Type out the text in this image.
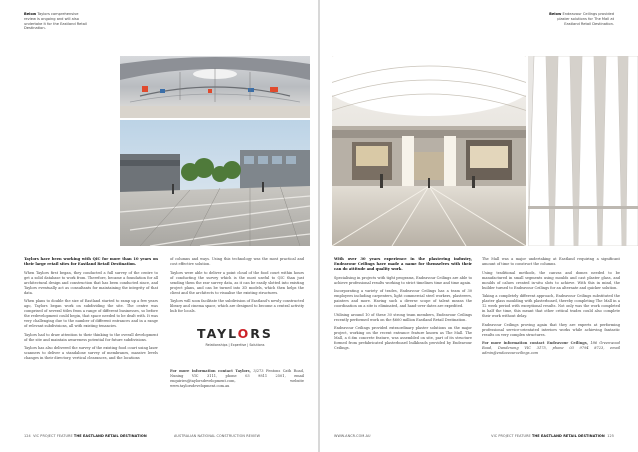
Below Taylors comprehensive review is ongoing and will also undertake it for the Eastland Retail Destination.

Taylors have been working with QIC for more than 10 years on their large retail sites for Eastland Retail Destination.

When Taylors first began, they conducted a full survey of the centre to get a solid database to work from. Therefore, became a foundation for all architectural design and construction that has been conducted since, and Taylors eventually act as consultants for maintaining the integrity of that data.

When plans to double the size of Eastland started to ramp up a few years ago, Taylors began work on subdividing the site. The centre was comprised of several titles from a range of different businesses, so before the redevelopment could begin, that space needed to be dealt with. It was very challenging due to the number of different entrances and in a range of relevant subdivisions, all with existing tenancies.

Taylors had to draw attention to their thinking to the overall development of the site and maintain awareness potential for future subdivisions.

Taylors has also delivered the survey of the existing food court using laser scanners to deliver a standalone survey of membranes, massive levels changes in their directory, vertical clearances, and the locations

of columns and ways. Using this technology was the most practical and cost effective solution.

Taylors were able to deliver a point cloud of the food court within hours of conducting the survey which is the most useful to QIC than just sending them the raw survey data, as it can be easily slotted into existing project plans, and can be turned into 3D models, which then helps the client and the architects to visualise the existing structures.

Taylors will soon facilitate the subdivision of Eastland's newly constructed library and cinema space, which are designed to become a central activity hub for locals.

TAYLORS
Relationships | Expertise | Solutions

For more information contact Taylors, 3/273 Fentons Cath Road, Nuning VIC 3111, phone 03 9811 2501, email enquiries@taylorsdevelopment.com, website www.taylorsdevelopment.com.au

124 VIC PROJECT FEATURE THE EASTLAND RETAIL DESTINATION	AUSTRALIAN NATIONAL CONSTRUCTION REVIEW
Below Endeavour Ceilings provided plaster solutions for The Mall at Eastland Retail Destination.

With over 30 years experience in the plastering industry, Endeavour Ceilings have made a name for themselves with their can do attitude and quality work.

Specialising in projects with tight programs, Endeavour Ceilings are able to achieve professional results working to strict timelines time and time again.

Incorporating a variety of trades, Endeavour Ceilings has a team of 30 employees including carpenters, light commercial steel workers, plasterers, painters and more. Having such a diverse scope of talent means the coordination on a site is eliminated, and hand-over dates are expedited.

Utilising around 10 of these 30 strong team members, Endeavour Ceilings recently performed work on the $660 million Eastland Retail Destination.

Endeavour Ceilings provided extraordinary plaster solutions on the major project, working on the recent entrance feature known as The Mall. The Mall, a 6.6m concrete feature, was assembled on site, part of its structure formed from prefabricated plasterboard bulkheads provided by Endeavour Ceilings.

The Mall was a major undertaking at Eastland requiring a significant amount of time to construct the columns.

Using traditional methods, the canvas and domes needed to be manufactured in small segments using moulds and cast plaster glass, and moulds of calues created in-situ slots to achieve. With this in mind, the builder turned to Endeavour Ceilings for an alternate and quicker solution.

Taking a completely different approach, Endeavour Ceilings substituted the plaster glass moulding with plasterboard, thereby completing The Mall in a 12 week period with exceptional results. Not only was the work completed in half the time, this meant that other critical trades could also complete their work without delay.

Endeavour Ceilings proving again that they are experts at performing professional service-orientated interiors works while achieving fantastic results on very complex structures.

For more information contact Endeavour Ceilings, 186 Greenwood Road, Dandenong VIC 3175, phone 03 9794 8723, email admin@endeavourceilings.com

WWW.ANCR.COM.AU	VIC PROJECT FEATURE THE EASTLAND RETAIL DESTINATION 125
